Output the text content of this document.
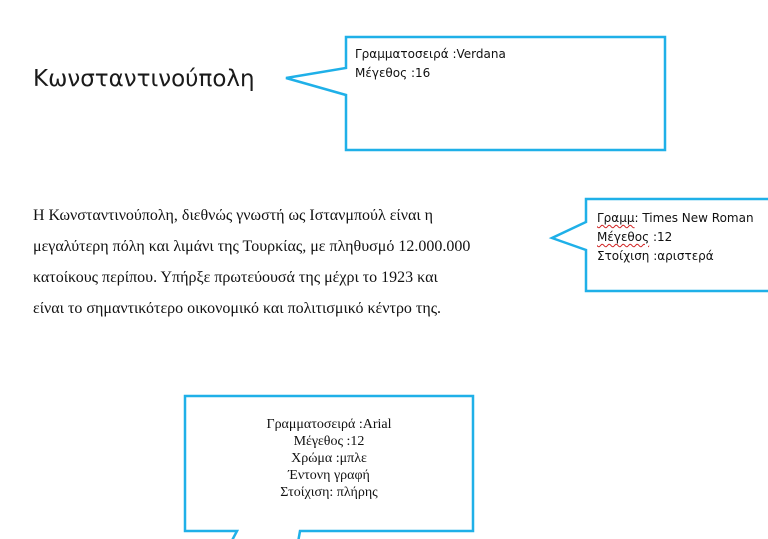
Κωνσταντινούπολη
Η Κωνσταντινούπολη, διεθνώς γνωστή ως Ιστανμπούλ είναι η
μεγαλύτερη πόλη και λιμάνι της Τουρκίας, με πληθυσμό 12.000.000
κατοίκους περίπου. Υπήρξε πρωτεύουσά της μέχρι το 1923 και
είναι το σημαντικότερο οικονομικό και πολιτισμικό κέντρο της.
Γραμματοσειρά :Verdana
Μέγεθος :16
Γραμμ: Times New Roman
Μέγεθος :12
Στοίχιση :αριστερά
Γραμματοσειρά :Arial
Μέγεθος :12
Χρώμα :μπλε
Έντονη γραφή
Στοίχιση: πλήρης
